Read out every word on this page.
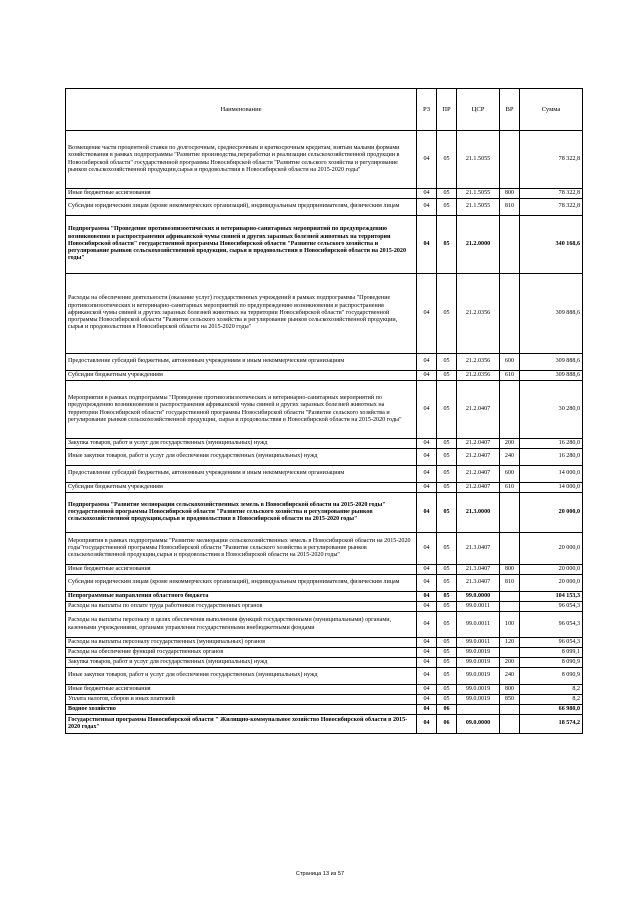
Наименование	РЗ	ПР	ЦСР	ВР	Сумма
Возмещение части процентной ставки по долгосрочным, среднесрочным и краткосрочным кредитам, взятым малыми формами хозяйствования в рамках подпрограммы "Развитие производства,переработки и реализации сельскохозяйственной продукции в Новосибирской области" государственной программы Новосибирской области "Развитие сельского хозяйства и регулирование рынков сельскохозяйственной продукции,сырья и продовольствия в Новосибирской области на 2015-2020 годы"	04	05	21.1.5055		78 322,8
Иные бюджетные ассигнования	04	05	21.1.5055	800	78 322,8
Субсидии юридическим лицам (кроме некоммерческих организаций), индивидуальным предпринимателям, физическим лицам	04	05	21.1.5055	810	78 322,8
Подпрограмма "Проведение противоэпизоотических и ветеринарно-санитарных мероприятий по предупреждению возникновения и распространения африканской чумы свиней и других заразных болезней животных на территории Новосибирской области" государственной программы Новосибирской области "Развитие сельского хозяйства и регулирование рынков сельскохозяйственной продукции, сырья и продовольствия в Новосибирской области на 2015-2020 годы"	04	05	21.2.0000		340 168,6
Расходы на обеспечение деятельности (оказание услуг) государственных учреждений в рамках подпрограммы "Проведение противоэпизоотических и ветеринарно-санитарных мероприятий по предупреждению возникновения и распространения африканской чумы свиней и других заразных болезней животных на территории Новосибирской области" государственной программы Новосибирской области "Развитие сельского хозяйства и регулирование рынков сельскохозяйственной продукции, сырья и продовольствия в Новосибирской области на 2015-2020 годы"	04	05	21.2.0356		309 888,6
Предоставление субсидий бюджетным, автономным учреждениям и иным некоммерческим организациям	04	05	21.2.0356	600	309 888,6
Субсидии бюджетным учреждениям	04	05	21.2.0356	610	309 888,6
Мероприятия в рамках подпрограммы "Проведение противоэпизоотических и ветеринарно-санитарных мероприятий по предупреждению возникновения и распространения африканской чумы свиней и других заразных болезней животных на территории Новосибирской области" государственной программы Новосибирской области "Развитие сельского хозяйства и регулирование рынков сельскохозяйственной продукции, сырья и продовольствия в Новосибирской области на 2015-2020 годы"	04	05	21.2.0407		30 280,0
Закупка товаров, работ и услуг для государственных (муниципальных) нужд	04	05	21.2.0407	200	16 280,0
Иные закупки товаров, работ и услуг для обеспечения государственных (муниципальных) нужд	04	05	21.2.0407	240	16 280,0
Предоставление субсидий бюджетным, автономным учреждениям и иным некоммерческим организациям	04	05	21.2.0407	600	14 000,0
Субсидии бюджетным учреждениям	04	05	21.2.0407	610	14 000,0
Подпрограмма "Развитие мелиорации сельскохозяйственных земель в Новосибирской области на 2015-2020 годы" государственной программы Новосибирской области "Развитие сельского хозяйства и регулирование рынков сельскохозяйственной продукции,сырья и продовольствия в Новосибирской области на 2015-2020 годы"	04	05	21.3.0000		20 000,0
Мероприятия в рамках подпрограммы "Развитие мелиорации сельскохозяйственных земель в Новосибирской области на 2015-2020 годы"государственной программы Новосибирской области "Развитие сельского хозяйства и регулирование рынков сельскохозяйственной продукции,сырья и продовольствия в Новосибирской области на 2015-2020 годы"	04	05	21.3.0407		20 000,0
Иные бюджетные ассигнования	04	05	21.3.0407	800	20 000,0
Субсидии юридическим лицам (кроме некоммерческих организаций), индивидуальным предпринимателям, физическим лицам	04	05	21.3.0407	810	20 000,0
Непрограммные направления областного бюджета	04	05	99.0.0000		104 153,3
Расходы на выплаты по оплате труда работников государственных органов	04	05	99.0.0011		96 054,3
Расходы на выплаты персоналу в целях обеспечения выполнения функций государственными (муниципальными) органами, казенными учреждениями, органами управления государственными внебюджетными фондами	04	05	99.0.0011	100	96 054,3
Расходы на выплаты персоналу государственных (муниципальных) органов	04	05	99.0.0011	120	96 054,3
Расходы на обеспечение функций государственных органов	04	05	99.0.0019		8 099,1
Закупка товаров, работ и услуг для государственных (муниципальных) нужд	04	05	99.0.0019	200	8 090,9
Иные закупки товаров, работ и услуг для обеспечения государственных (муниципальных) нужд	04	05	99.0.0019	240	8 090,9
Иные бюджетные ассигнования	04	05	99.0.0019	800	8,2
Уплата налогов, сборов и иных платежей	04	05	99.0.0019	850	8,2
Водное хозяйство	04	06			66 980,0
Государственная программа Новосибирской области " Жилищно-коммунальное хозяйство Новосибирской области в 2015-2020 годах"	04	06	09.0.0000		18 574,2
Страница 13 из 57
